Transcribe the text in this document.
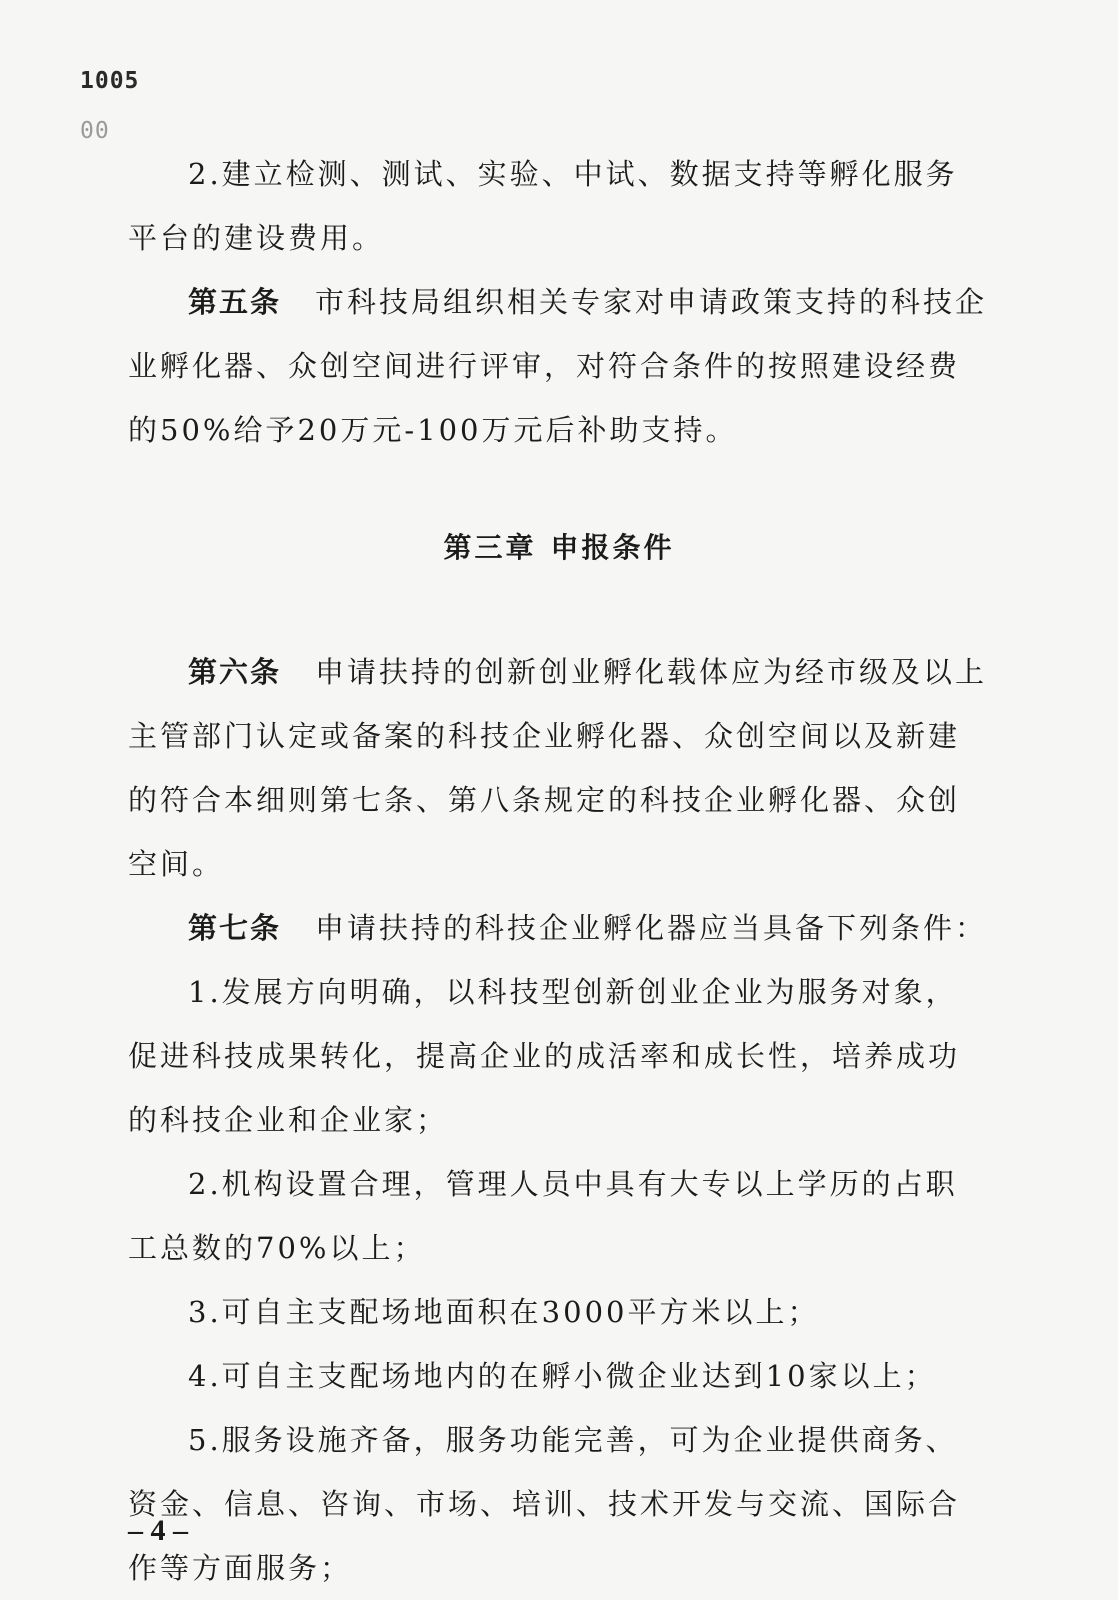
1005
00

2.建立检测、测试、实验、中试、数据支持等孵化服务平台的建设费用。

第五条 市科技局组织相关专家对申请政策支持的科技企业孵化器、众创空间进行评审，对符合条件的按照建设经费的50%给予20万元-100万元后补助支持。

第三章 申报条件

第六条 申请扶持的创新创业孵化载体应为经市级及以上主管部门认定或备案的科技企业孵化器、众创空间以及新建的符合本细则第七条、第八条规定的科技企业孵化器、众创空间。

第七条 申请扶持的科技企业孵化器应当具备下列条件：

1.发展方向明确，以科技型创新创业企业为服务对象，促进科技成果转化，提高企业的成活率和成长性，培养成功的科技企业和企业家；

2.机构设置合理，管理人员中具有大专以上学历的占职工总数的70%以上；

3.可自主支配场地面积在3000平方米以上；

4.可自主支配场地内的在孵小微企业达到10家以上；

5.服务设施齐备，服务功能完善，可为企业提供商务、资金、信息、咨询、市场、培训、技术开发与交流、国际合作等方面服务；

– 4 –
